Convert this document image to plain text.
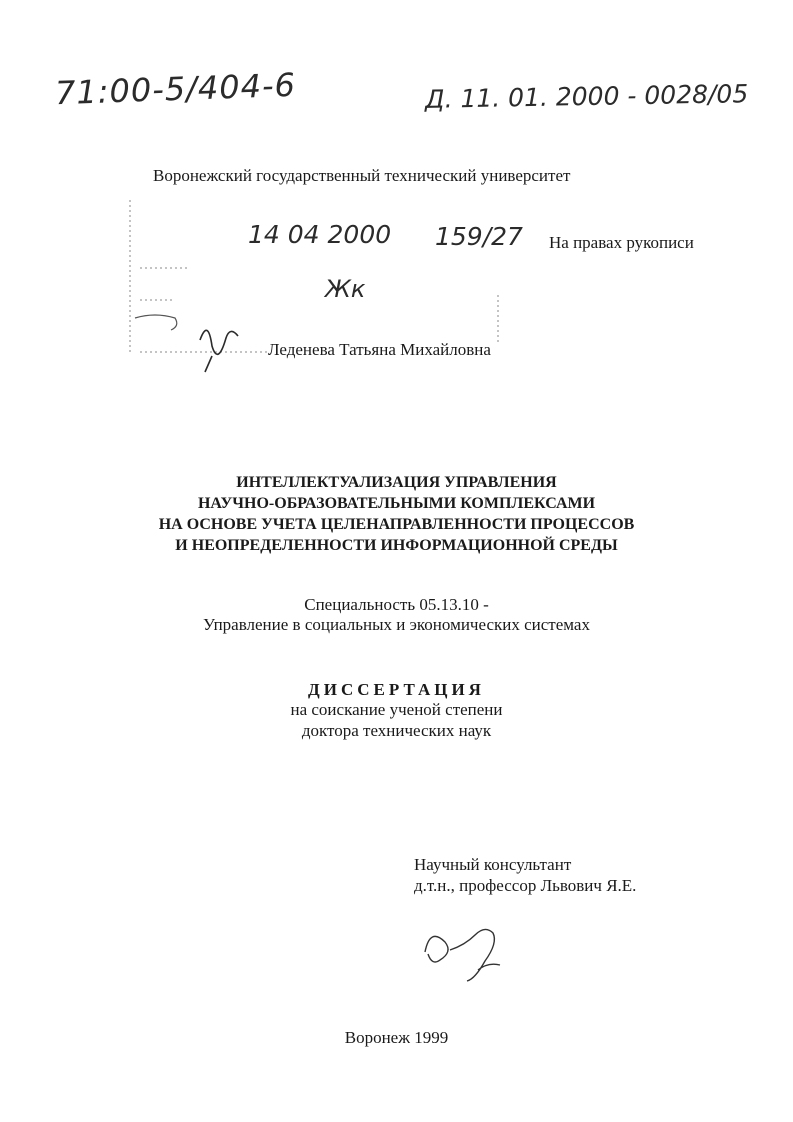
71:00-5/404-6	Д. 11. 01. 2000 - 0028/05
14 04 2000 159/27
Жк
Воронежский государственный технический университет
На правах рукописи
Леденева Татьяна Михайловна
ИНТЕЛЛЕКТУАЛИЗАЦИЯ УПРАВЛЕНИЯ
НАУЧНО-ОБРАЗОВАТЕЛЬНЫМИ КОМПЛЕКСАМИ
НА ОСНОВЕ УЧЕТА ЦЕЛЕНАПРАВЛЕННОСТИ ПРОЦЕССОВ
И НЕОПРЕДЕЛЕННОСТИ ИНФОРМАЦИОННОЙ СРЕДЫ
Специальность 05.13.10 -
Управление в социальных и экономических системах
ДИССЕРТАЦИЯ
на соискание ученой степени
доктора технических наук
Научный консультант
д.т.н., профессор Львович Я.Е.
Воронеж 1999
